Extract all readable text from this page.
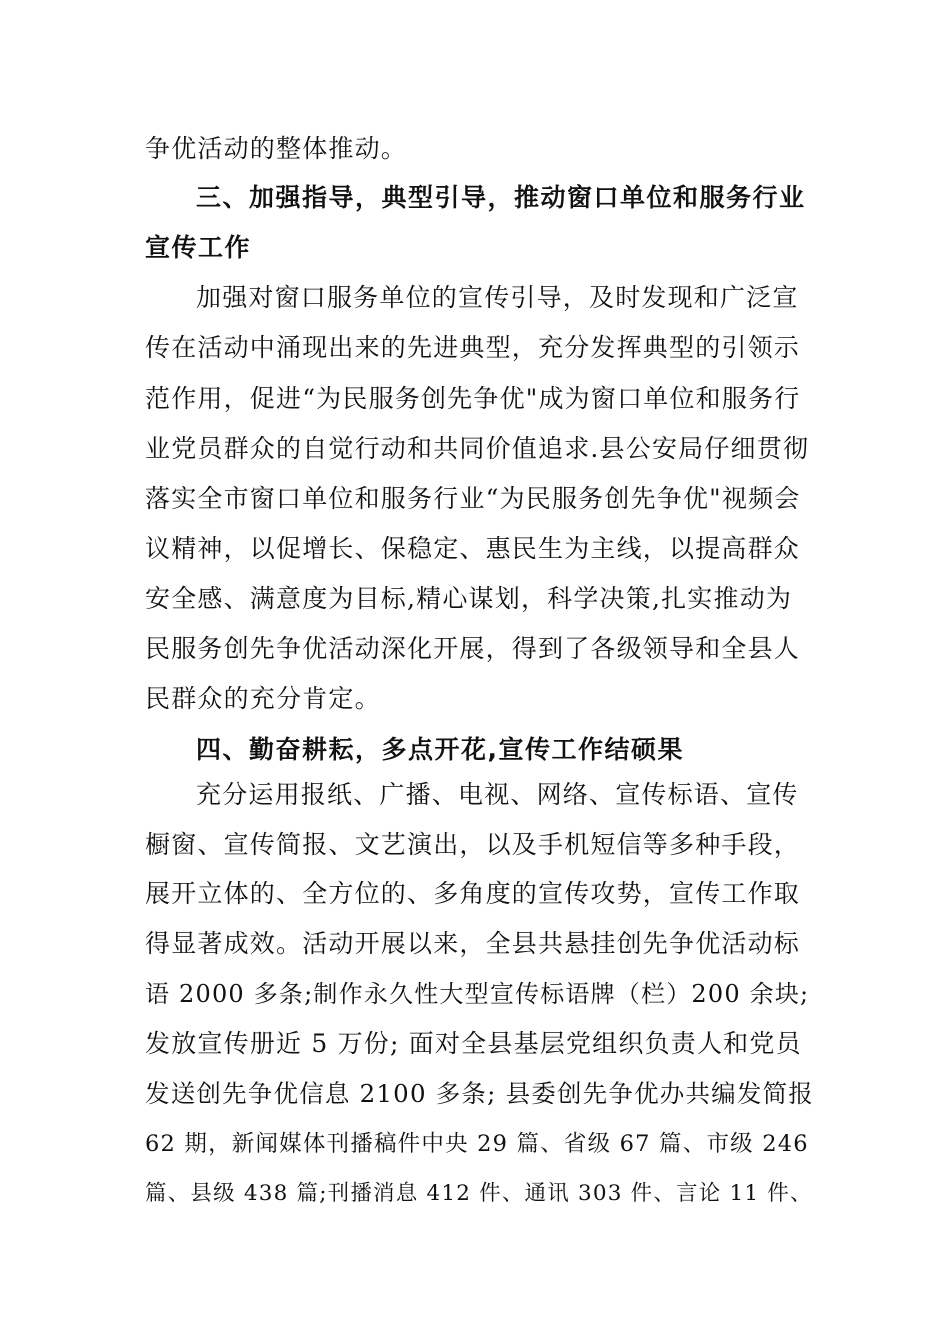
争优活动的整体推动。
三、加强指导，典型引导，推动窗口单位和服务行业
宣传工作
加强对窗口服务单位的宣传引导，及时发现和广泛宣
传在活动中涌现出来的先进典型，充分发挥典型的引领示
范作用，促进“为民服务创先争优"成为窗口单位和服务行
业党员群众的自觉行动和共同价值追求.县公安局仔细贯彻
落实全市窗口单位和服务行业“为民服务创先争优"视频会
议精神，以促增长、保稳定、惠民生为主线，以提高群众
安全感、满意度为目标,精心谋划，科学决策,扎实推动为
民服务创先争优活动深化开展，得到了各级领导和全县人
民群众的充分肯定。
四、勤奋耕耘，多点开花,宣传工作结硕果
充分运用报纸、广播、电视、网络、宣传标语、宣传
橱窗、宣传简报、文艺演出，以及手机短信等多种手段，
展开立体的、全方位的、多角度的宣传攻势，宣传工作取
得显著成效。活动开展以来，全县共悬挂创先争优活动标
语 2000 多条;制作永久性大型宣传标语牌（栏）200 余块;
发放宣传册近 5 万份; 面对全县基层党组织负责人和党员
发送创先争优信息 2100 多条; 县委创先争优办共编发简报
62 期，新闻媒体刊播稿件中央 29 篇、省级 67 篇、市级 246
篇、县级 438 篇;刊播消息 412 件、通讯 303 件、言论 11 件、
